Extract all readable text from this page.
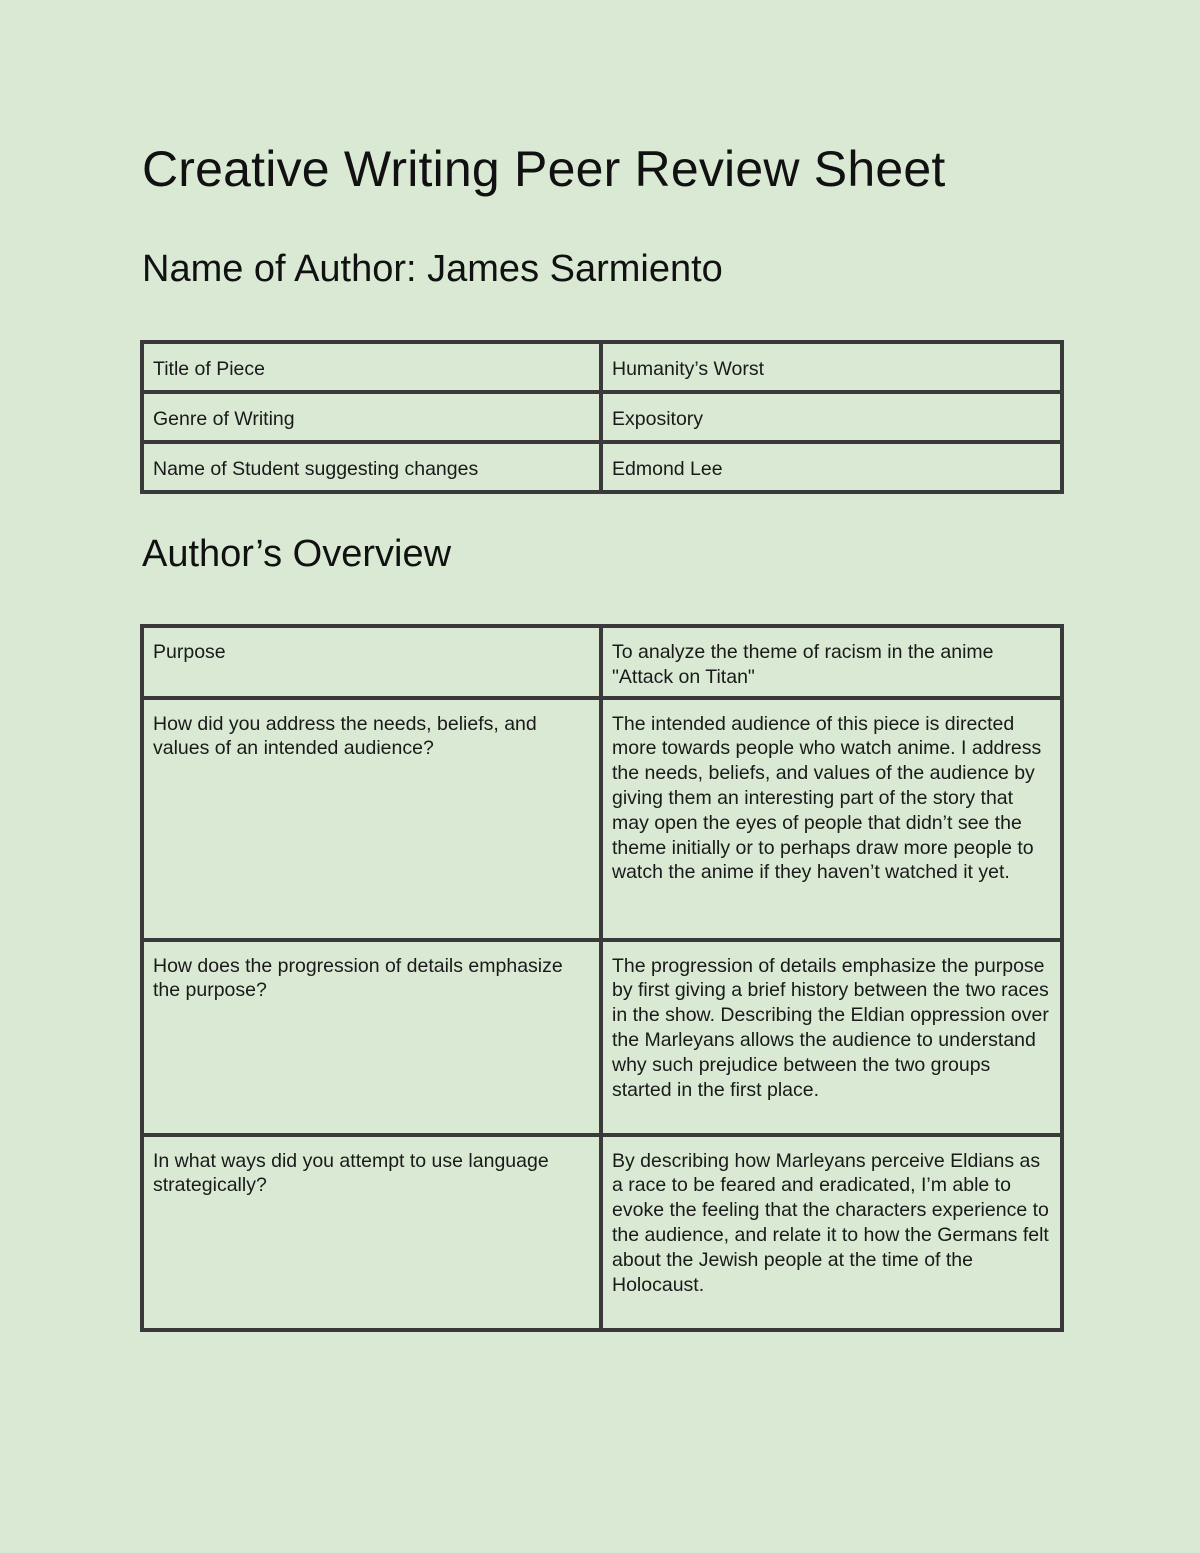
Creative Writing Peer Review Sheet
Name of Author: James Sarmiento
Title of Piece	Humanity’s Worst
Genre of Writing	Expository
Name of Student suggesting changes	Edmond Lee
Author’s Overview
Purpose	To analyze the theme of racism in the anime "Attack on Titan"
How did you address the needs, beliefs, and values of an intended audience?	The intended audience of this piece is directed more towards people who watch anime. I address the needs, beliefs, and values of the audience by giving them an interesting part of the story that may open the eyes of people that didn’t see the theme initially or to perhaps draw more people to watch the anime if they haven’t watched it yet.
How does the progression of details emphasize the purpose?	The progression of details emphasize the purpose by first giving a brief history between the two races in the show. Describing the Eldian oppression over the Marleyans allows the audience to understand why such prejudice between the two groups started in the first place.
In what ways did you attempt to use language strategically?	By describing how Marleyans perceive Eldians as a race to be feared and eradicated, I’m able to evoke the feeling that the characters experience to the audience, and relate it to how the Germans felt about the Jewish people at the time of the Holocaust.
